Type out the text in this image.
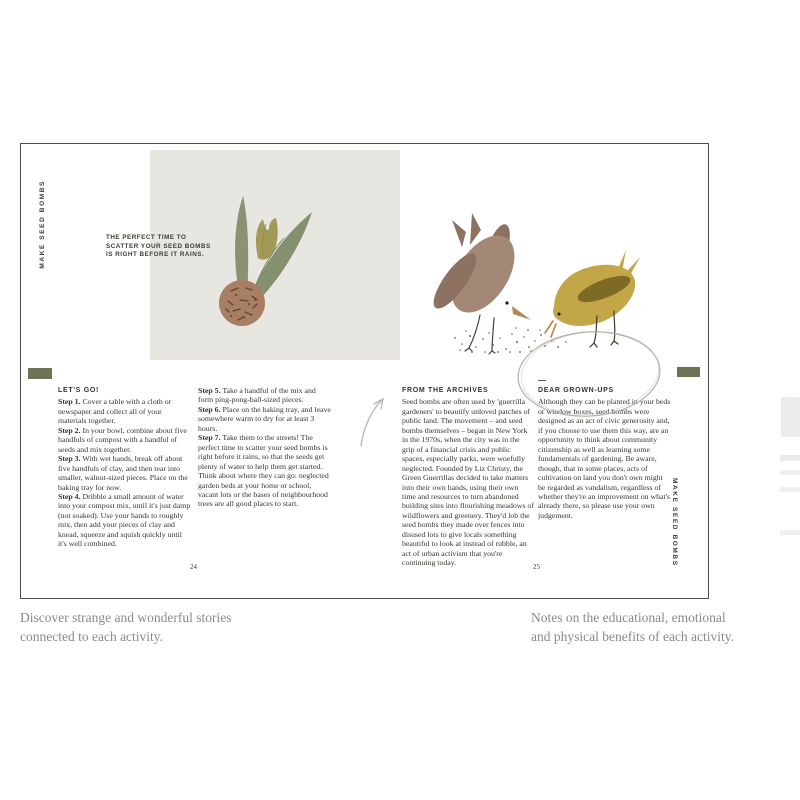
MAKE SEED BOMBS	THE PERFECT TIME TO
SCATTER YOUR SEED BOMBS
IS RIGHT BEFORE IT RAINS.
LET'S GO!

Step 1. Cover a table with a cloth or newspaper and collect all of your materials together.

Step 2. In your bowl, combine about five handfuls of compost with a handful of seeds and mix together.

Step 3. With wet hands, break off about five handfuls of clay, and then tear into smaller, walnut-sized pieces. Place on the baking tray for now.

Step 4. Dribble a small amount of water into your compost mix, until it's just damp (not soaked). Use your hands to roughly mix, then add your pieces of clay and knead, squeeze and squish quickly until it's well combined.

Step 5. Take a handful of the mix and form ping-pong-ball-sized pieces.

Step 6. Place on the baking tray, and leave somewhere warm to dry for at least 3 hours.

Step 7. Take them to the streets! The perfect time to scatter your seed bombs is right before it rains, so that the seeds get plenty of water to help them get started. Think about where they can go: neglected garden beds at your home or school, vacant lots or the bases of neighbourhood trees are all good places to start.

24
FROM THE ARCHIVES

Seed bombs are often used by 'guerrilla gardeners' to beautify unloved patches of public land. The movement – and seed bombs themselves – began in New York in the 1970s, when the city was in the grip of a financial crisis and public spaces, especially parks, were woefully neglected. Founded by Liz Christy, the Green Guerrillas decided to take matters into their own hands, using their own time and resources to turn abandoned building sites into flourishing meadows of wildflowers and greenery. They'd lob the seed bombs they made over fences into disused lots to give locals something beautiful to look at instead of rubble, an act of urban activism that you're continuing today.

—
DEAR GROWN-UPS

Although they can be planted in your beds or window boxes, seed bombs were designed as an act of civic generosity and, if you choose to use them this way, are an opportunity to think about community citizenship as well as learning some fundamentals of gardening. Be aware, though, that in some places, acts of cultivation on land you don't own might be regarded as vandalism, regardless of whether they're an improvement on what's already there, so please use your own judgement.

25
MAKE SEED BOMBS
Discover strange and wonderful stories
connected to each activity.
Notes on the educational, emotional
and physical benefits of each activity.
